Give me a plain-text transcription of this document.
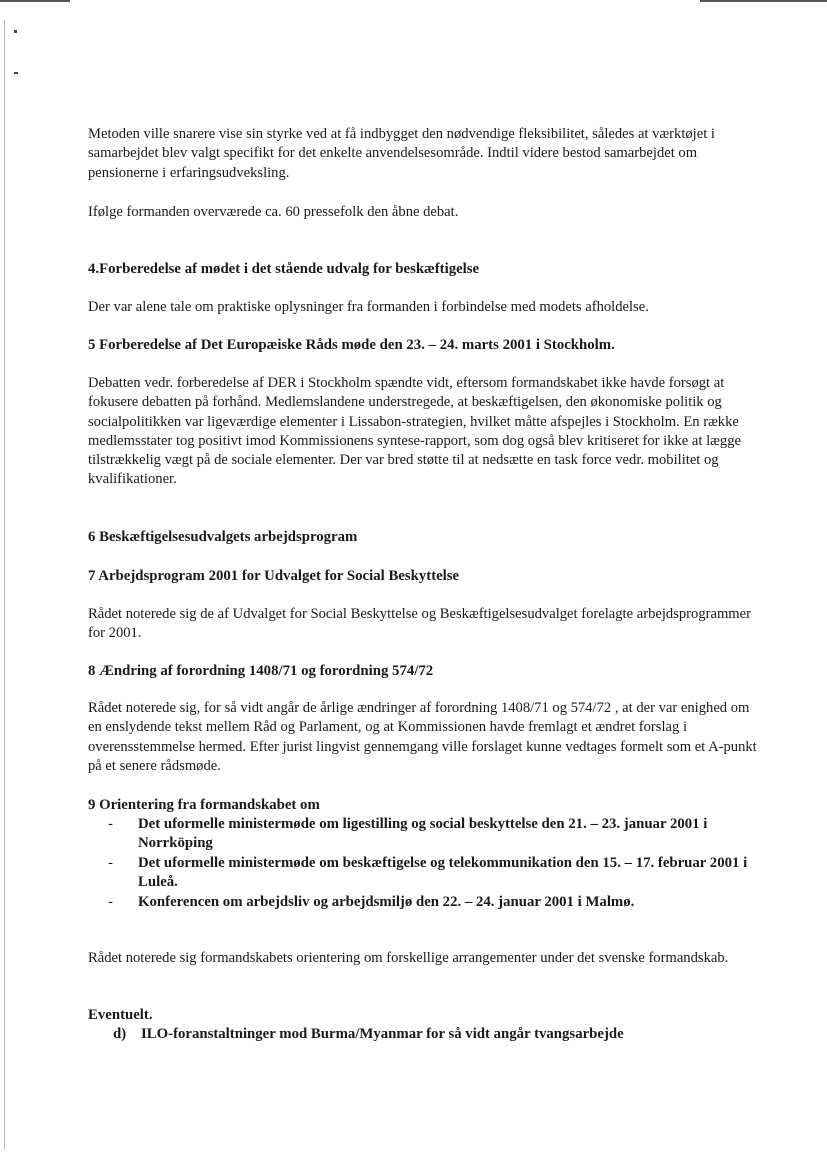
Metoden ville snarere vise sin styrke ved at få indbygget den nødvendige fleksibilitet, således at værktøjet i samarbejdet blev valgt specifikt for det enkelte anvendelsesområde. Indtil videre bestod samarbejdet om pensionerne i erfaringsudveksling.

Ifølge formanden overværede ca. 60 pressefolk den åbne debat.

4.Forberedelse af mødet i det stående udvalg for beskæftigelse

Der var alene tale om praktiske oplysninger fra formanden i forbindelse med modets afholdelse.

5 Forberedelse af Det Europæiske Råds møde den 23. – 24. marts 2001 i Stockholm.

Debatten vedr. forberedelse af DER i Stockholm spændte vidt, eftersom formandskabet ikke havde forsøgt at fokusere debatten på forhånd. Medlemslandene understregede, at beskæftigelsen, den økonomiske politik og socialpolitikken var ligeværdige elementer i Lissabon-strategien, hvilket måtte afspejles i Stockholm. En række medlemsstater tog positivt imod Kommissionens syntese-rapport, som dog også blev kritiseret for ikke at lægge tilstrækkelig vægt på de sociale elementer. Der var bred støtte til at nedsætte en task force vedr. mobilitet og kvalifikationer.

6 Beskæftigelsesudvalgets arbejdsprogram

7 Arbejdsprogram 2001 for Udvalget for Social Beskyttelse

Rådet noterede sig de af Udvalget for Social Beskyttelse og Beskæftigelsesudvalget forelagte arbejdsprogrammer for 2001.

8 Ændring af forordning 1408/71 og forordning 574/72

Rådet noterede sig, for så vidt angår de årlige ændringer af forordning 1408/71 og 574/72 , at der var enighed om en enslydende tekst mellem Råd og Parlament, og at Kommissionen havde fremlagt et ændret forslag i overensstemmelse hermed. Efter jurist lingvist gennemgang ville forslaget kunne vedtages formelt som et A-punkt på et senere rådsmøde.

9 Orientering fra formandskabet om

- Det uformelle ministermøde om ligestilling og social beskyttelse den 21. – 23. januar 2001 i Norrköping
- Det uformelle ministermøde om beskæftigelse og telekommunikation den 15. – 17. februar 2001 i Luleå.
- Konferencen om arbejdsliv og arbejdsmiljø den 22. – 24. januar 2001 i Malmø.

Rådet noterede sig formandskabets orientering om forskellige arrangementer under det svenske formandskab.

Eventuelt.

d) ILO-foranstaltninger mod Burma/Myanmar for så vidt angår tvangsarbejde
